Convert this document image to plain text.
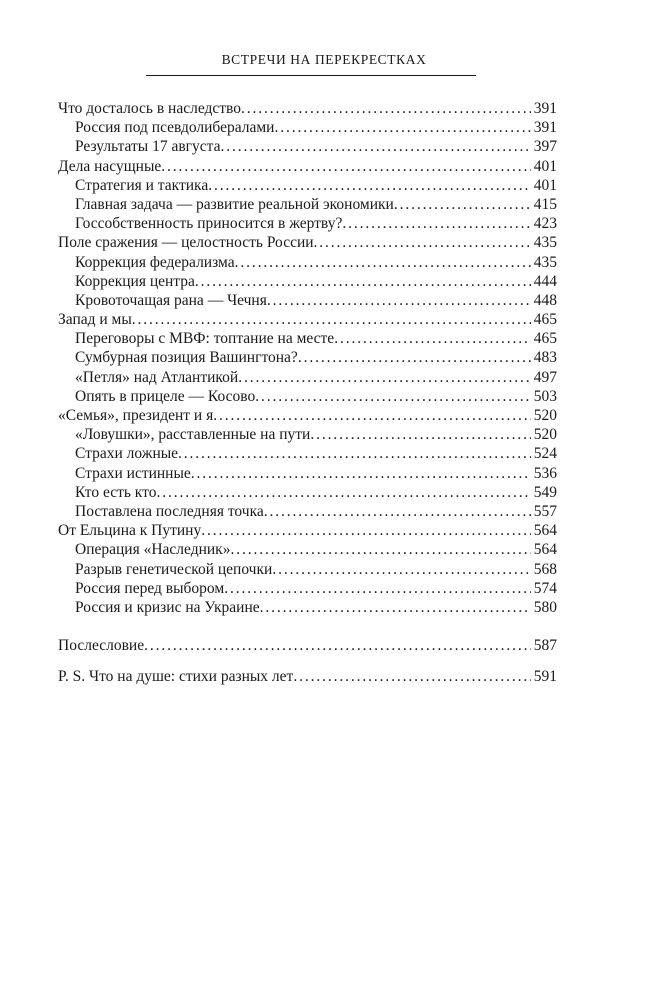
ВСТРЕЧИ НА ПЕРЕКРЕСТКАХ
Что досталось в наследство . . .	391
Россия под псевдолибералами . . .	391
Результаты 17 августа . . .	397
Дела насущные . . .	401
Стратегия и тактика . . .	401
Главная задача — развитие реальной экономики . . .	415
Госсобственность приносится в жертву? . . .	423
Поле сражения — целостность России . . .	435
Коррекция федерализма . . .	435
Коррекция центра . . .	444
Кровоточащая рана — Чечня . . .	448
Запад и мы . . .	465
Переговоры с МВФ: топтание на месте . . .	465
Сумбурная позиция Вашингтона? . . .	483
«Петля» над Атлантикой . . .	497
Опять в прицеле — Косово . . .	503
«Семья», президент и я . . .	520
«Ловушки», расставленные на пути . . .	520
Страхи ложные . . .	524
Страхи истинные . . .	536
Кто есть кто . . .	549
Поставлена последняя точка . . .	557
От Ельцина к Путину . . .	564
Операция «Наследник» . . .	564
Разрыв генетической цепочки . . .	568
Россия перед выбором . . .	574
Россия и кризис на Украине . . .	580
Послесловие . . .	587
P. S. Что на душе: стихи разных лет . . .	591
